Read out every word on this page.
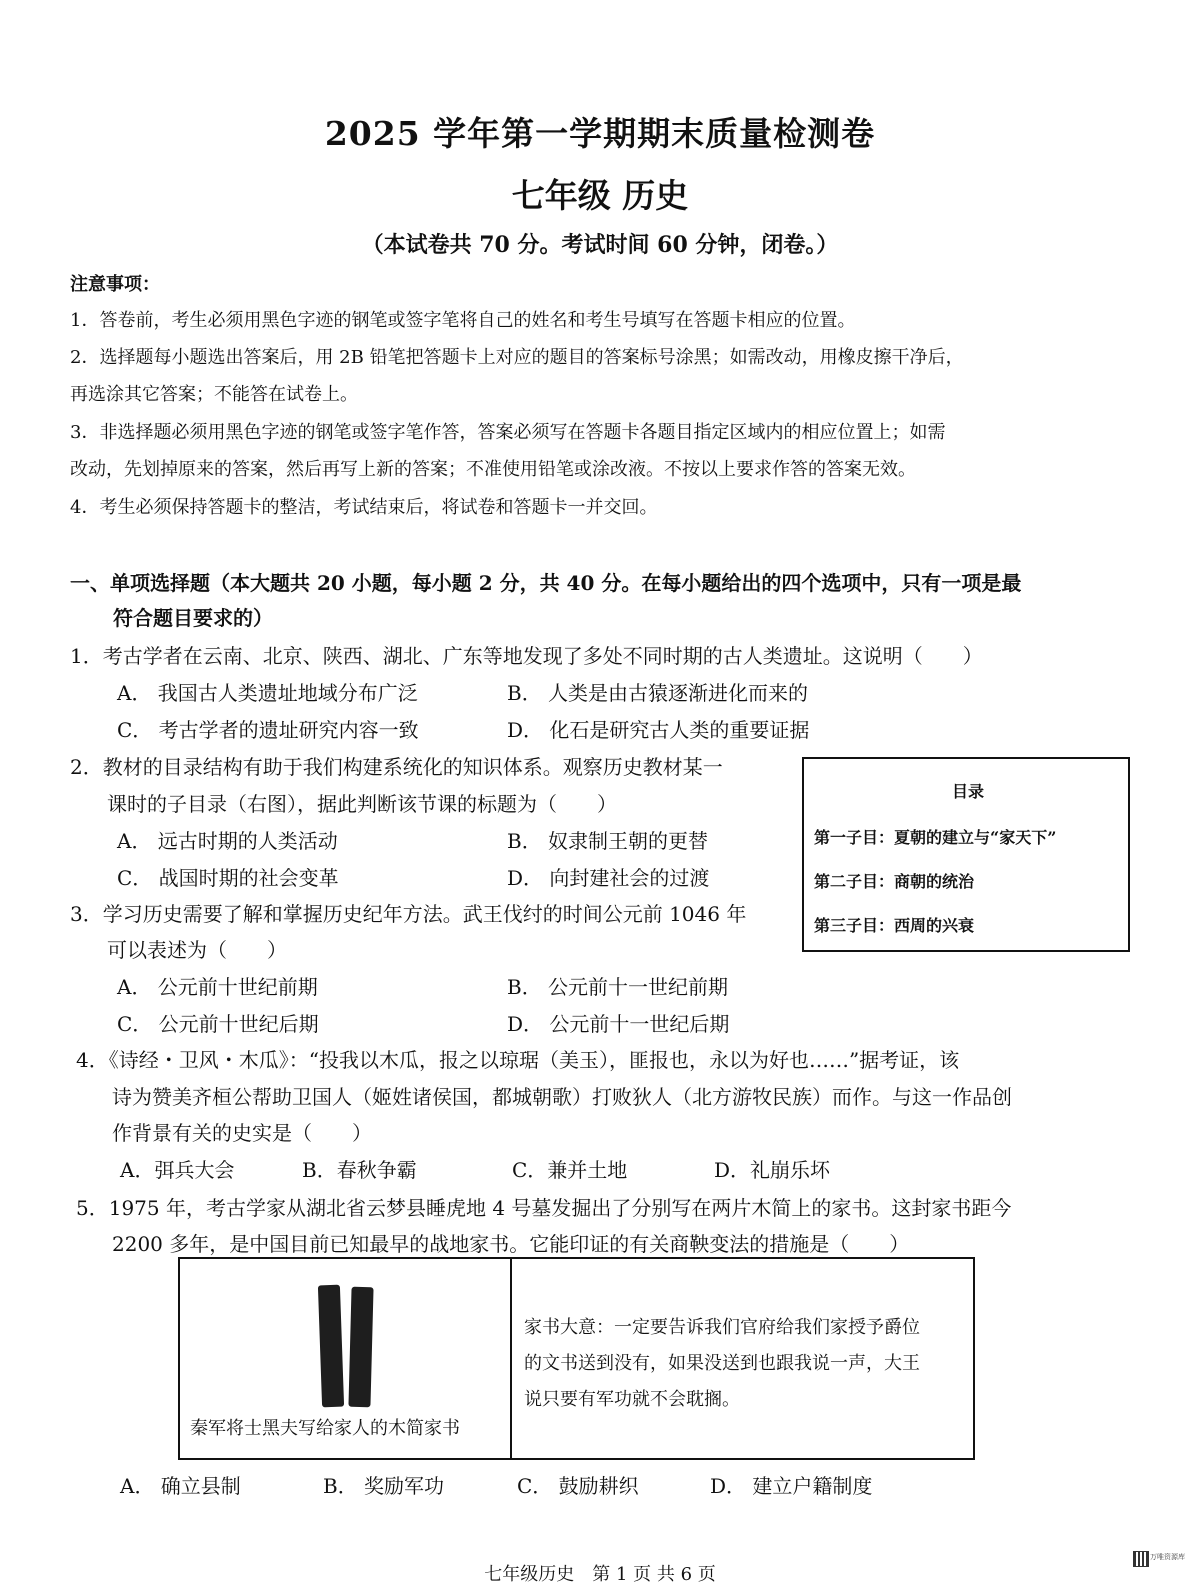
2025 学年第一学期期末质量检测卷
七年级 历史
（本试卷共 70 分。考试时间 60 分钟，闭卷。）
注意事项：
1．答卷前，考生必须用黑色字迹的钢笔或签字笔将自己的姓名和考生号填写在答题卡相应的位置。
2．选择题每小题选出答案后，用 2B 铅笔把答题卡上对应的题目的答案标号涂黑；如需改动，用橡皮擦干净后，
再选涂其它答案；不能答在试卷上。
3．非选择题必须用黑色字迹的钢笔或签字笔作答，答案必须写在答题卡各题目指定区域内的相应位置上；如需
改动，先划掉原来的答案，然后再写上新的答案；不准使用铅笔或涂改液。不按以上要求作答的答案无效。
4．考生必须保持答题卡的整洁，考试结束后，将试卷和答题卡一并交回。
一、单项选择题（本大题共 20 小题，每小题 2 分，共 40 分。在每小题给出的四个选项中，只有一项是最
符合题目要求的）
1．考古学者在云南、北京、陕西、湖北、广东等地发现了多处不同时期的古人类遗址。这说明（　　）
A． 我国古人类遗址地域分布广泛	B． 人类是由古猿逐渐进化而来的
C． 考古学者的遗址研究内容一致	D． 化石是研究古人类的重要证据
2．教材的目录结构有助于我们构建系统化的知识体系。观察历史教材某一
课时的子目录（右图），据此判断该节课的标题为（　　）
A． 远古时期的人类活动	B． 奴隶制王朝的更替
C． 战国时期的社会变革	D． 向封建社会的过渡
目录
第一子目：夏朝的建立与“家天下”
第二子目：商朝的统治
第三子目：西周的兴衰
3．学习历史需要了解和掌握历史纪年方法。武王伐纣的时间公元前 1046 年
可以表述为（　　）
A． 公元前十世纪前期	B． 公元前十一世纪前期
C． 公元前十世纪后期	D． 公元前十一世纪后期
4．《诗经・卫风・木瓜》：“投我以木瓜，报之以琼琚（美玉），匪报也，永以为好也……”据考证，该
诗为赞美齐桓公帮助卫国人（姬姓诸侯国，都城朝歌）打败狄人（北方游牧民族）而作。与这一作品创
作背景有关的史实是（　　）
A．弭兵大会	B．春秋争霸	C．兼并土地	D．礼崩乐坏
5．1975 年，考古学家从湖北省云梦县睡虎地 4 号墓发掘出了分别写在两片木简上的家书。这封家书距今
2200 多年，是中国目前已知最早的战地家书。它能印证的有关商鞅变法的措施是（　　）
秦军将士黑夫写给家人的木简家书
家书大意：一定要告诉我们官府给我们家授予爵位
的文书送到没有，如果没送到也跟我说一声，大王
说只要有军功就不会耽搁。
A． 确立县制	B． 奖励军功	C． 鼓励耕织	D． 建立户籍制度
七年级历史　第 1 页 共 6 页
万唯资源库
